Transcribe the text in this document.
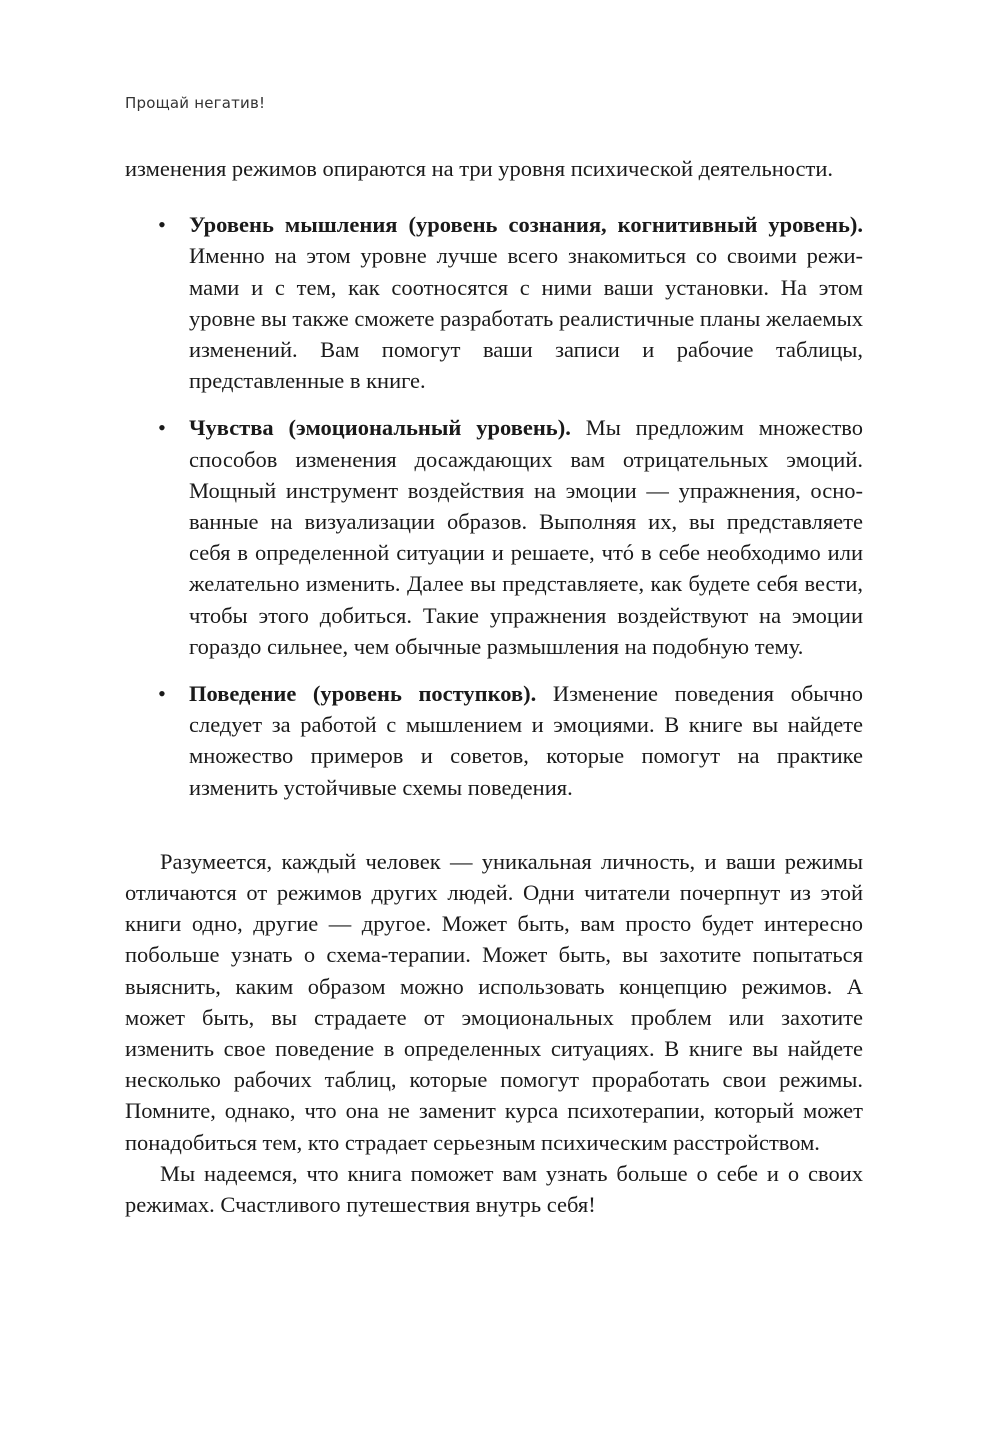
Прощай негатив!

изменения режимов опираются на три уровня психической деятельности.

• Уровень мышления (уровень сознания, когнитивный уровень). Именно на этом уровне лучше всего знакомиться со своими режимами и с тем, как соотносятся с ними ваши установки. На этом уровне вы также сможете разработать реалистичные планы желаемых изменений. Вам помогут ваши записи и рабочие таблицы, представленные в книге.
• Чувства (эмоциональный уровень). Мы предложим множество способов изменения досаждающих вам отрицательных эмоций. Мощный инструмент воздействия на эмоции — упражнения, основанные на визуализации образов. Выполняя их, вы представляете себя в определенной ситуации и решаете, чтó в себе необходимо или желательно изменить. Далее вы представляете, как будете себя вести, чтобы этого добиться. Такие упражнения воздействуют на эмоции гораздо сильнее, чем обычные размышления на подобную тему.
• Поведение (уровень поступков). Изменение поведения обычно следует за работой с мышлением и эмоциями. В книге вы найдете множество примеров и советов, которые помогут на практике изменить устойчивые схемы поведения.

Разумеется, каждый человек — уникальная личность, и ваши режимы отличаются от режимов других людей. Одни читатели почерпнут из этой книги одно, другие — другое. Может быть, вам просто будет интересно побольше узнать о схема-терапии. Может быть, вы захотите попытаться выяснить, каким образом можно использовать концепцию режимов. А может быть, вы страдаете от эмоциональных проблем или захотите изменить свое поведение в определенных ситуациях. В книге вы найдете несколько рабочих таблиц, которые помогут проработать свои режимы. Помните, однако, что она не заменит курса психотерапии, который может понадобиться тем, кто страдает серьезным психическим расстройством.

Мы надеемся, что книга поможет вам узнать больше о себе и о своих режимах. Счастливого путешествия внутрь себя!
